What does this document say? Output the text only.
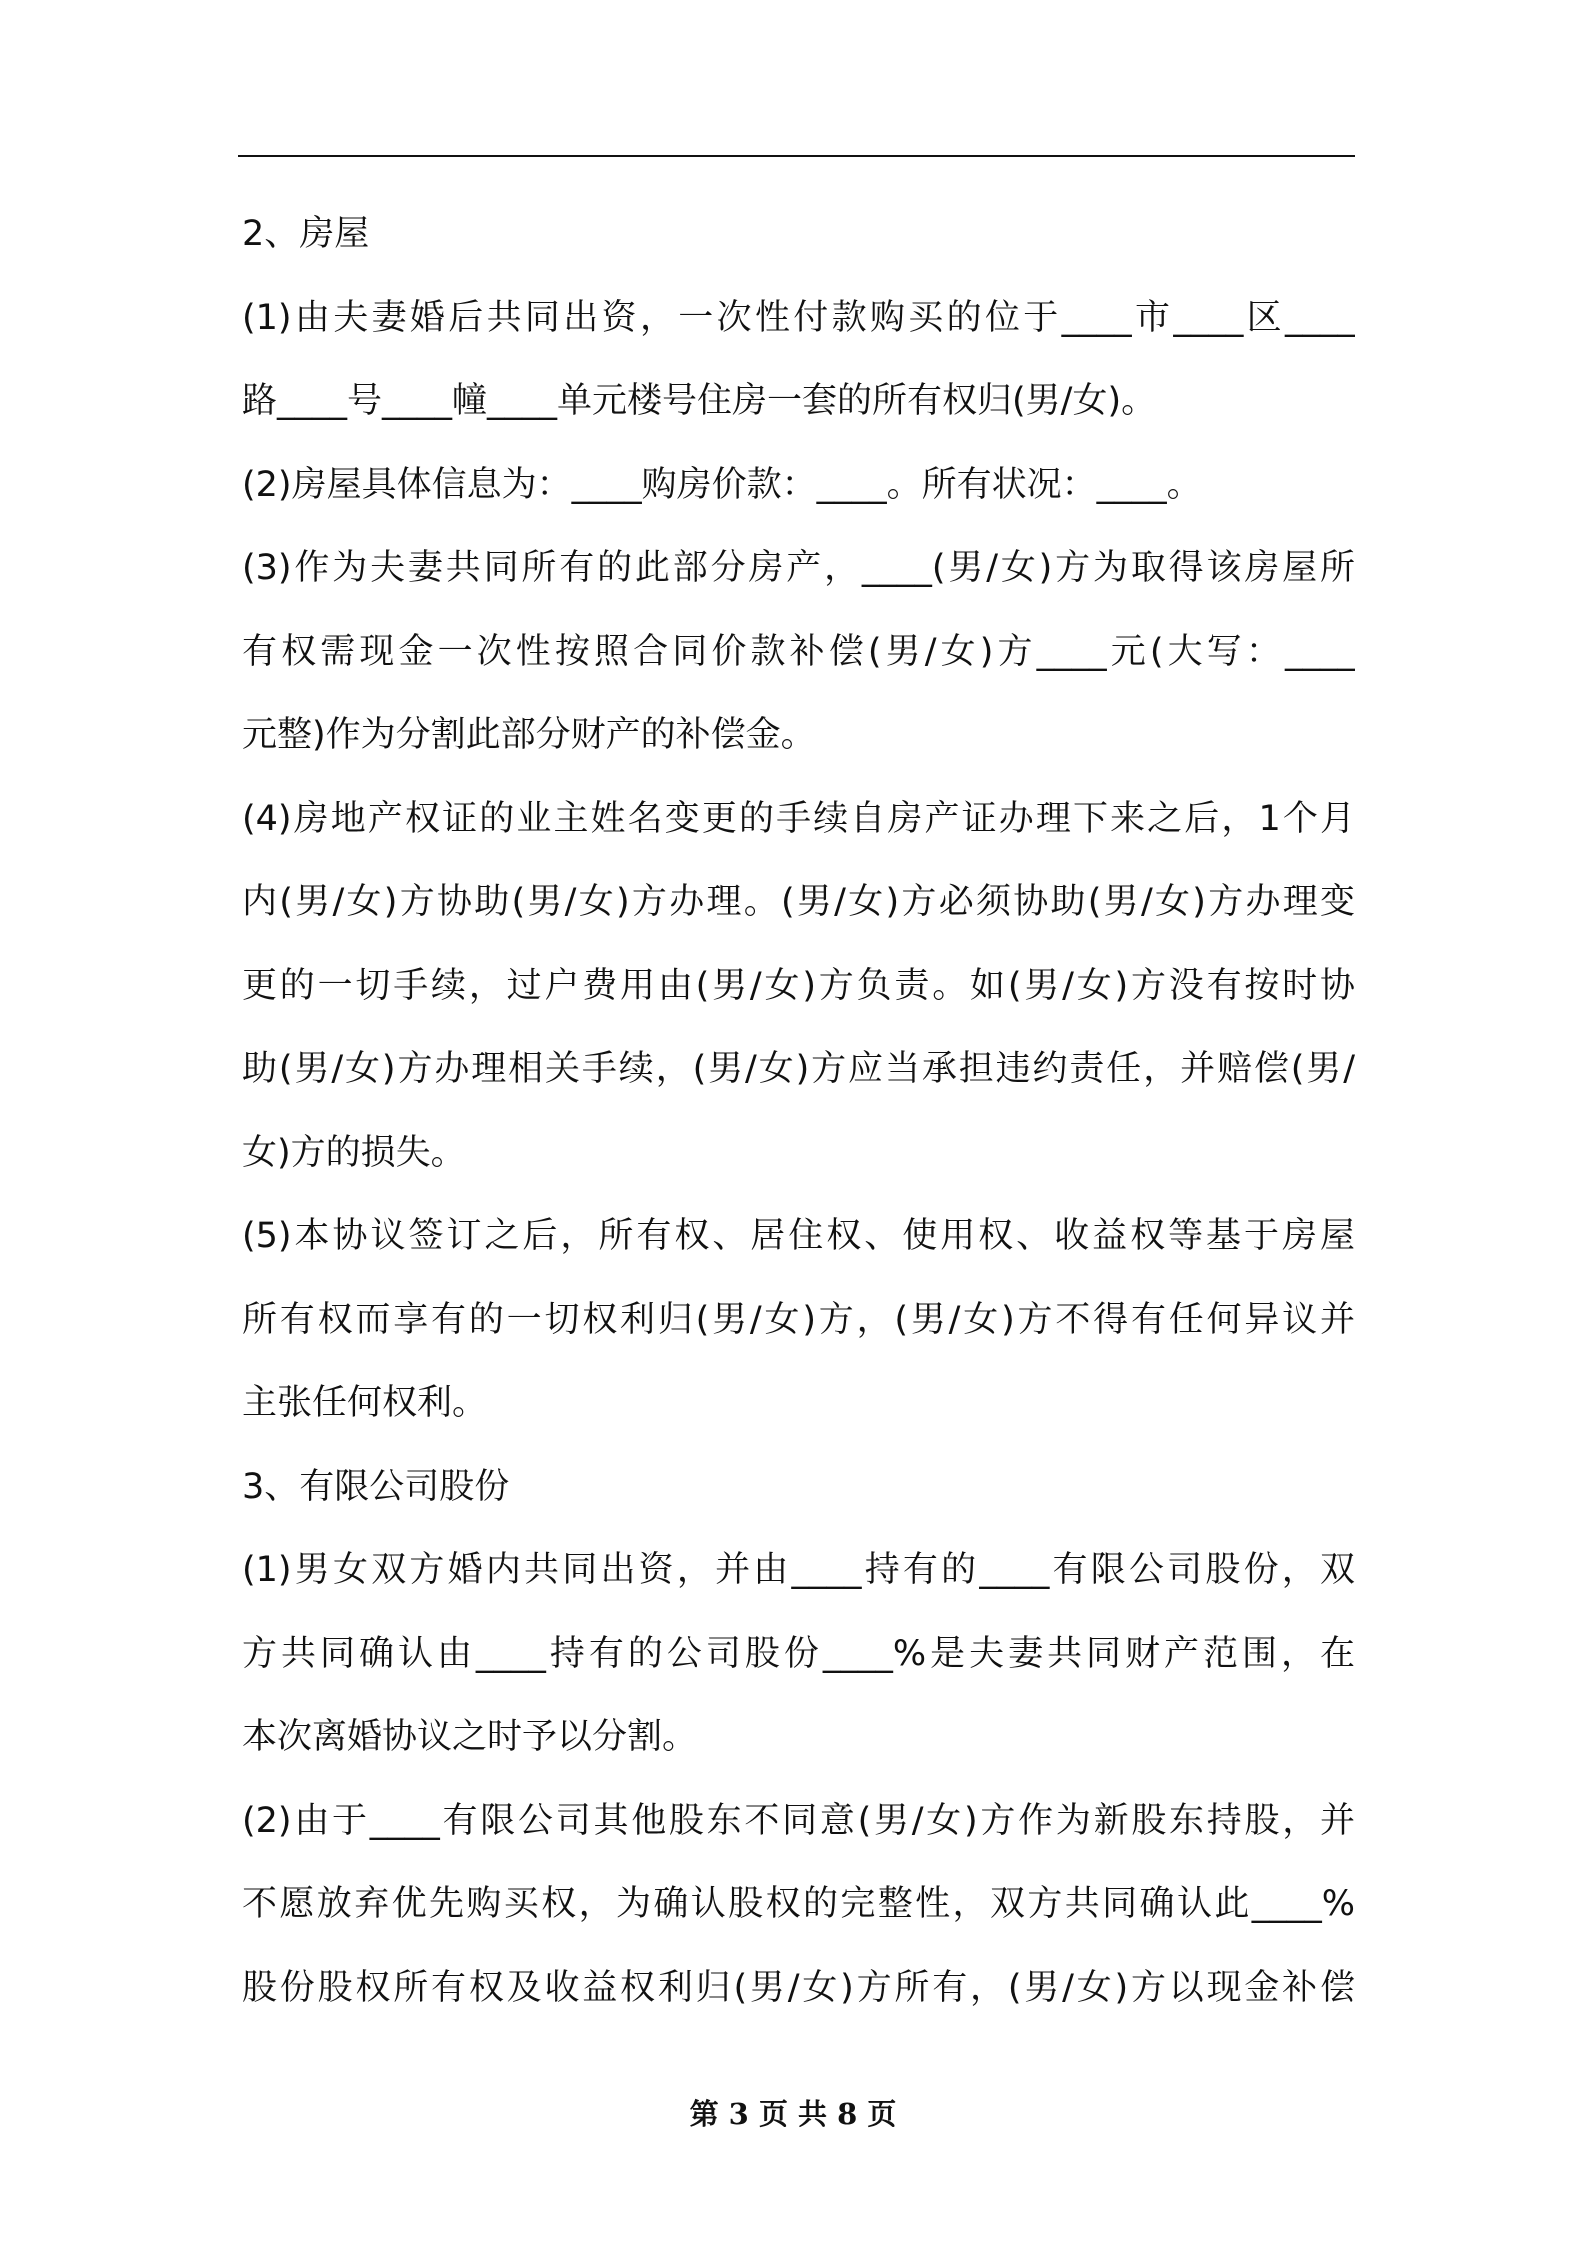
2、房屋
(1)由夫妻婚后共同出资，一次性付款购买的位于____市____区____
路____号____幢____单元楼号住房一套的所有权归(男/女)。
(2)房屋具体信息为：____购房价款：____。所有状况：____。
(3)作为夫妻共同所有的此部分房产，____(男/女)方为取得该房屋所
有权需现金一次性按照合同价款补偿(男/女)方____元(大写：____
元整)作为分割此部分财产的补偿金。
(4)房地产权证的业主姓名变更的手续自房产证办理下来之后，1个月
内(男/女)方协助(男/女)方办理。(男/女)方必须协助(男/女)方办理变
更的一切手续，过户费用由(男/女)方负责。如(男/女)方没有按时协
助(男/女)方办理相关手续，(男/女)方应当承担违约责任，并赔偿(男/
女)方的损失。
(5)本协议签订之后，所有权、居住权、使用权、收益权等基于房屋
所有权而享有的一切权利归(男/女)方，(男/女)方不得有任何异议并
主张任何权利。
3、有限公司股份
(1)男女双方婚内共同出资，并由____持有的____有限公司股份，双
方共同确认由____持有的公司股份____%是夫妻共同财产范围，在
本次离婚协议之时予以分割。
(2)由于____有限公司其他股东不同意(男/女)方作为新股东持股，并
不愿放弃优先购买权，为确认股权的完整性，双方共同确认此____%
股份股权所有权及收益权利归(男/女)方所有，(男/女)方以现金补偿
第 3 页 共 8 页
